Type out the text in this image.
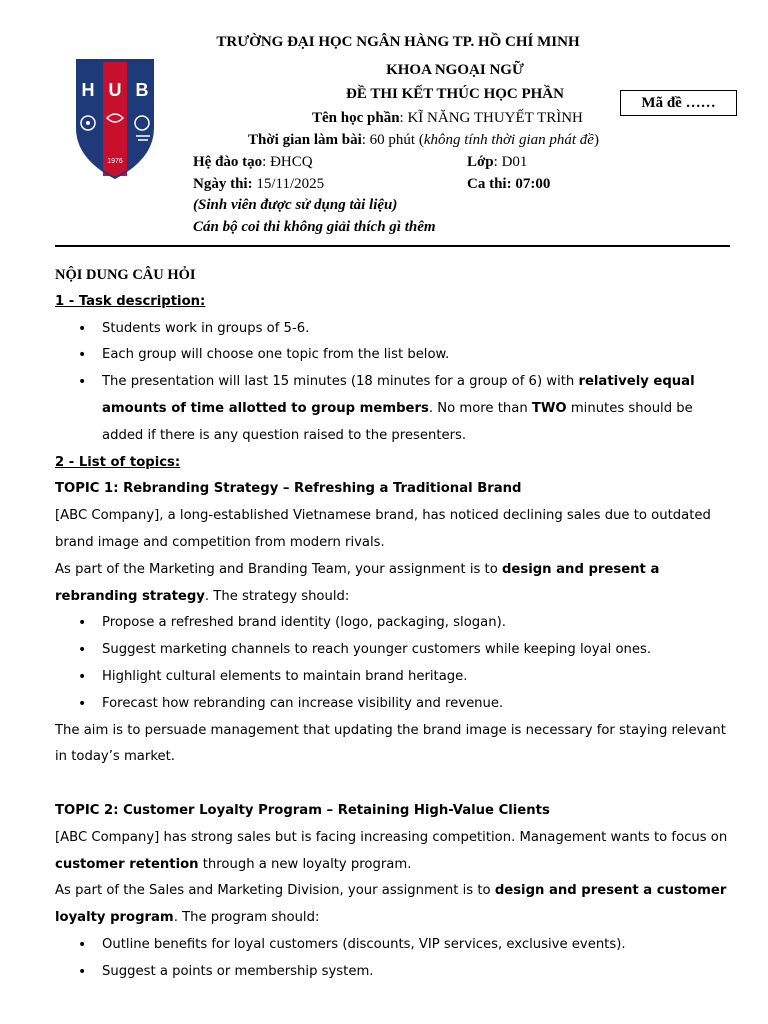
H U B
1976
TRƯỜNG ĐẠI HỌC NGÂN HÀNG TP. HỒ CHÍ MINH
KHOA NGOẠI NGỮ
ĐỀ THI KẾT THÚC HỌC PHẦN
Tên học phần: KĨ NĂNG THUYẾT TRÌNH
Thời gian làm bài: 60 phút (không tính thời gian phát đề)
Hệ đào tạo: ĐHCQ	Lớp: D01
Ngày thi: 15/11/2025	Ca thi: 07:00
(Sinh viên được sử dụng tài liệu)
Cán bộ coi thi không giải thích gì thêm
Mã đề ……

NỘI DUNG CÂU HỎI

1 - Task description:

• Students work in groups of 5-6.
• Each group will choose one topic from the list below.
• The presentation will last 15 minutes (18 minutes for a group of 6) with relatively equal amounts of time allotted to group members. No more than TWO minutes should be added if there is any question raised to the presenters.

2 - List of topics:

TOPIC 1: Rebranding Strategy – Refreshing a Traditional Brand

[ABC Company], a long-established Vietnamese brand, has noticed declining sales due to outdated brand image and competition from modern rivals.

As part of the Marketing and Branding Team, your assignment is to design and present a rebranding strategy. The strategy should:

• Propose a refreshed brand identity (logo, packaging, slogan).
• Suggest marketing channels to reach younger customers while keeping loyal ones.
• Highlight cultural elements to maintain brand heritage.
• Forecast how rebranding can increase visibility and revenue.

The aim is to persuade management that updating the brand image is necessary for staying relevant in today’s market.

TOPIC 2: Customer Loyalty Program – Retaining High-Value Clients

[ABC Company] has strong sales but is facing increasing competition. Management wants to focus on customer retention through a new loyalty program.

As part of the Sales and Marketing Division, your assignment is to design and present a customer loyalty program. The program should:

• Outline benefits for loyal customers (discounts, VIP services, exclusive events).
• Suggest a points or membership system.
